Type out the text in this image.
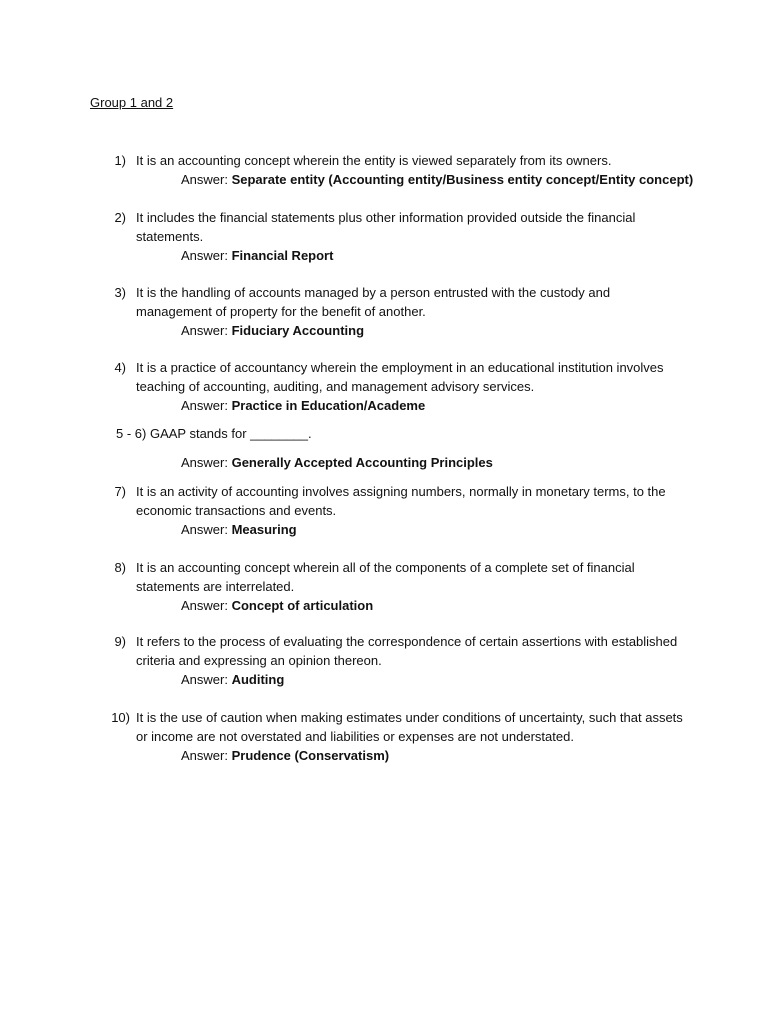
Group 1 and 2
1) It is an accounting concept wherein the entity is viewed separately from its owners.
Answer: Separate entity (Accounting entity/Business entity concept/Entity concept)
2) It includes the financial statements plus other information provided outside the financial statements.
Answer: Financial Report
3) It is the handling of accounts managed by a person entrusted with the custody and management of property for the benefit of another.
Answer: Fiduciary Accounting
4) It is a practice of accountancy wherein the employment in an educational institution involves teaching of accounting, auditing, and management advisory services.
Answer: Practice in Education/Academe
5 - 6) GAAP stands for ________.
Answer: Generally Accepted Accounting Principles
7) It is an activity of accounting involves assigning numbers, normally in monetary terms, to the economic transactions and events.
Answer: Measuring
8) It is an accounting concept wherein all of the components of a complete set of financial statements are interrelated.
Answer: Concept of articulation
9) It refers to the process of evaluating the correspondence of certain assertions with established criteria and expressing an opinion thereon.
Answer: Auditing
10) It is the use of caution when making estimates under conditions of uncertainty, such that assets or income are not overstated and liabilities or expenses are not understated.
Answer: Prudence (Conservatism)
